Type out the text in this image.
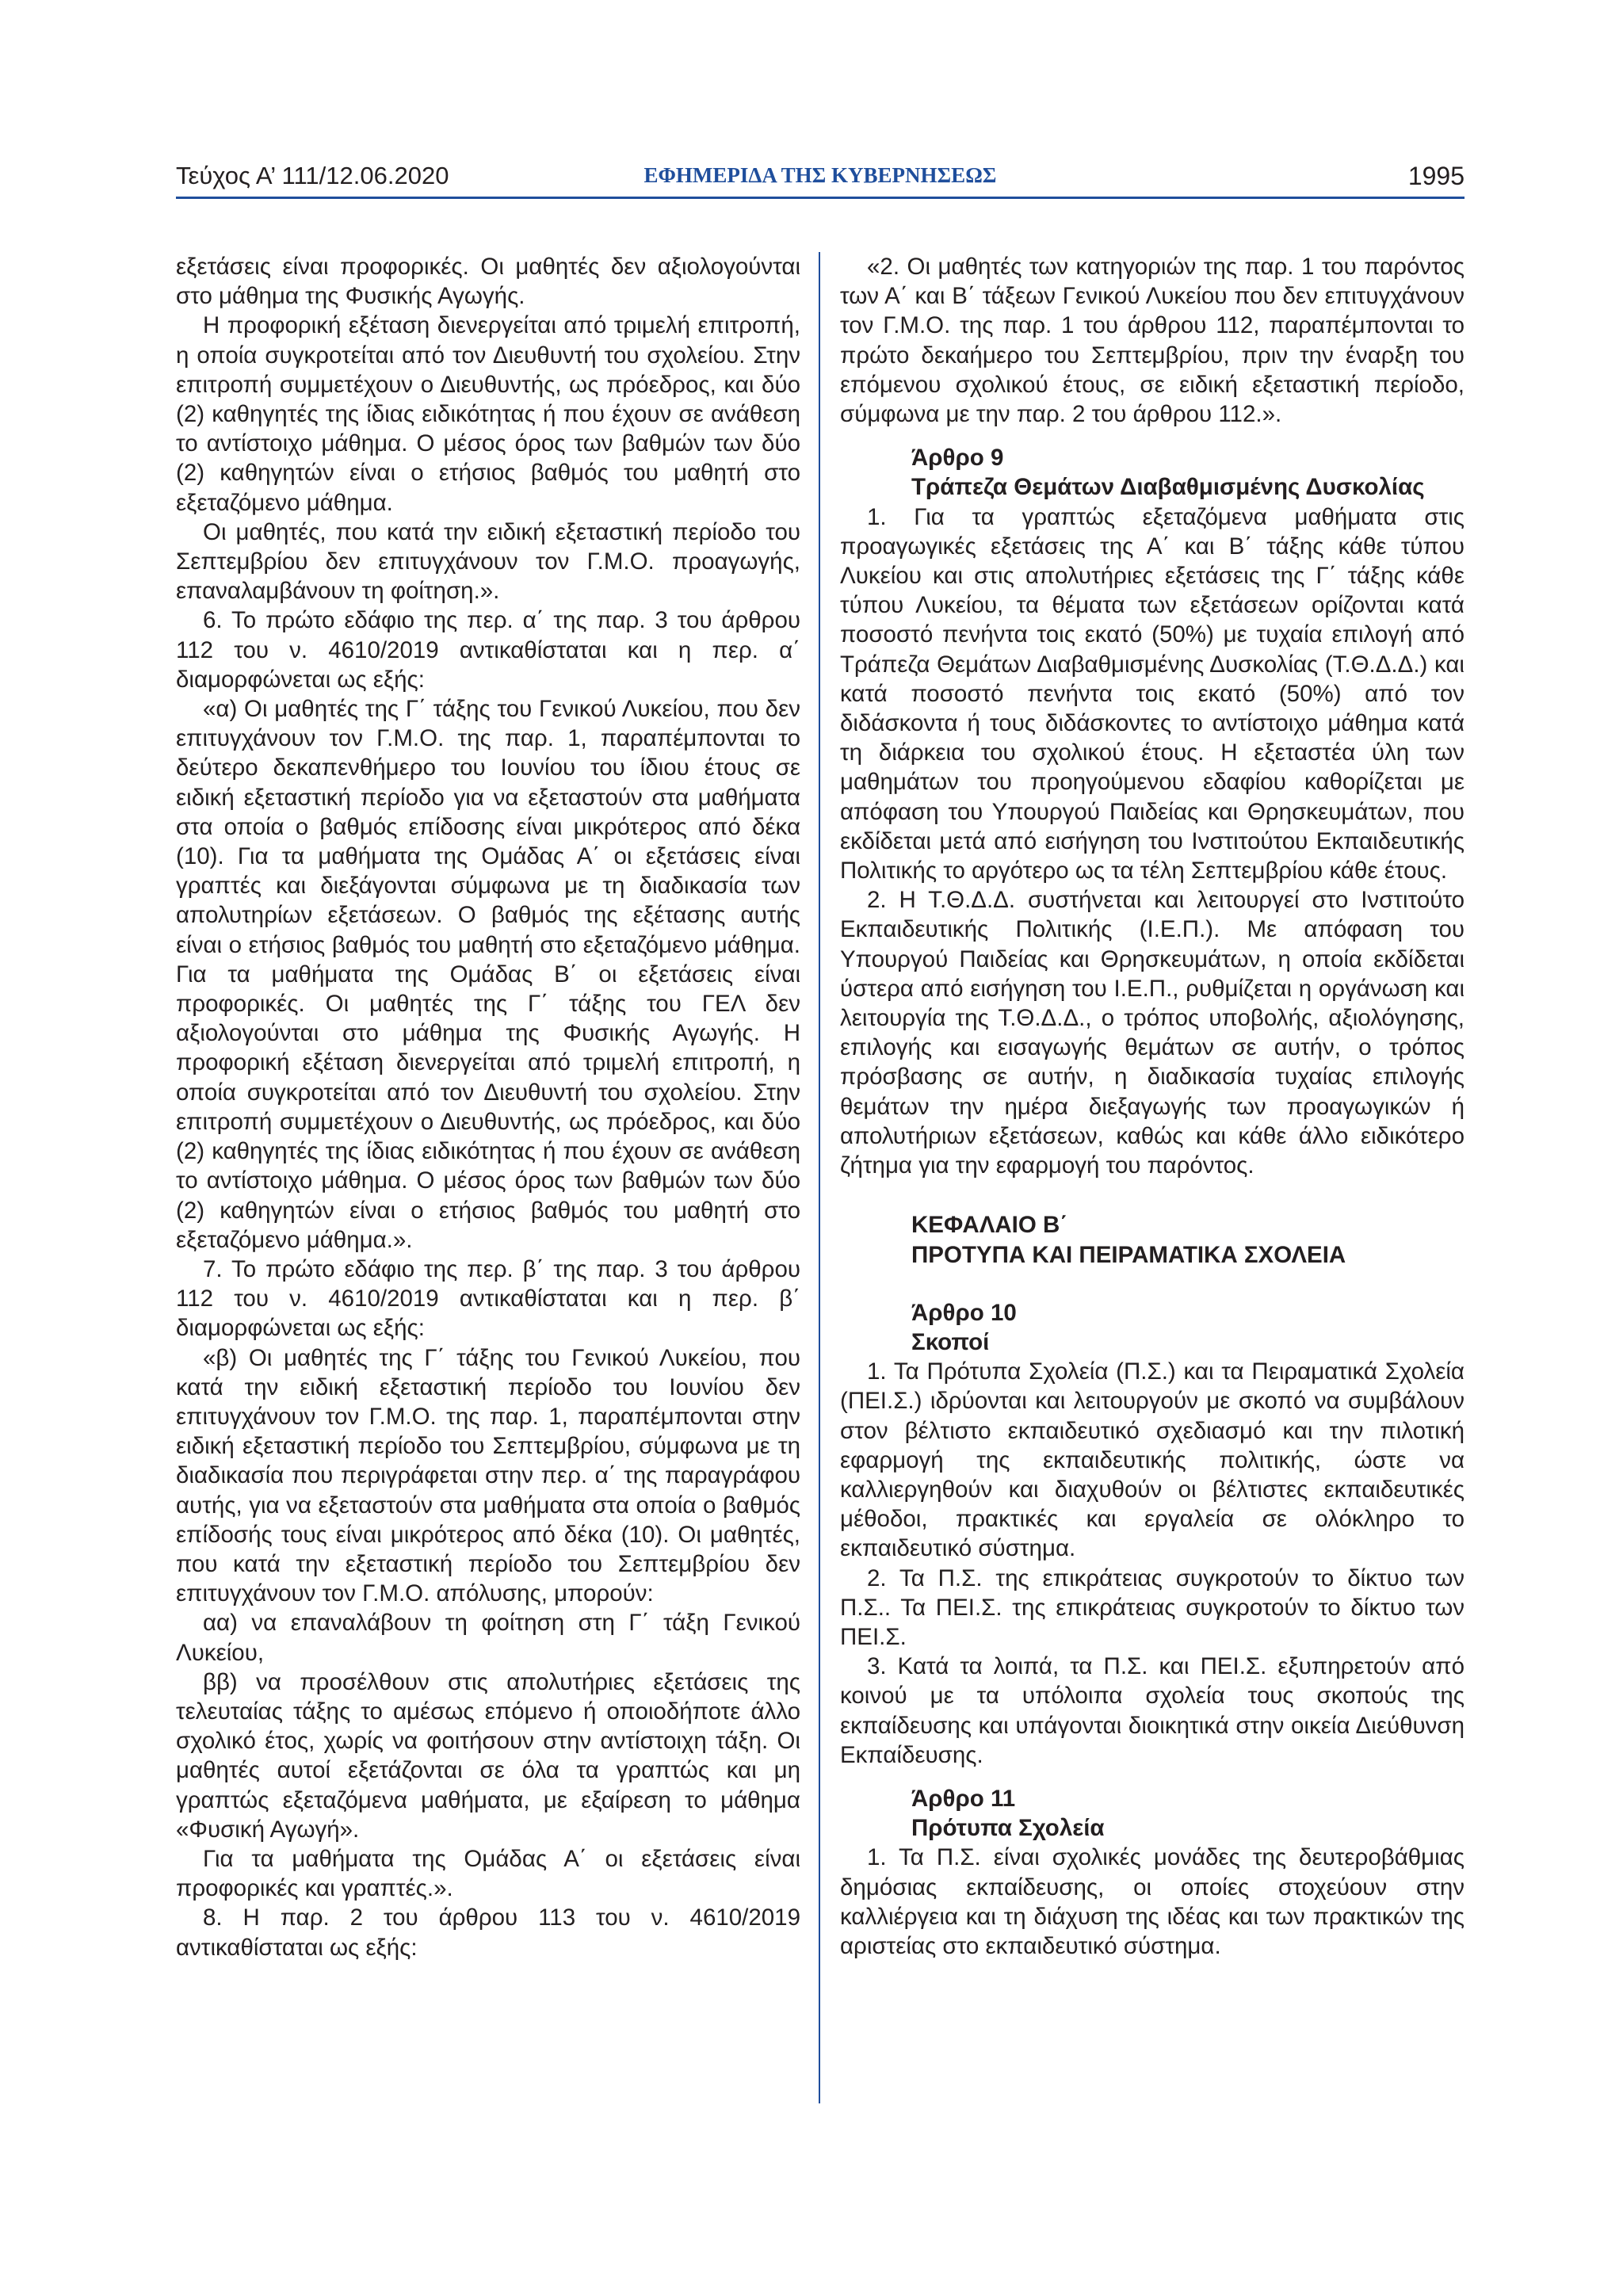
Τεύχος Α’ 111/12.06.2020	ΕΦΗΜΕΡΙΔΑ ΤΗΣ ΚΥΒΕΡΝΗΣΕΩΣ	1995

εξετάσεις είναι προφορικές. Οι μαθητές δεν αξιολογούνται στο μάθημα της Φυσικής Αγωγής.

Η προφορική εξέταση διενεργείται από τριμελή επιτροπή, η οποία συγκροτείται από τον Διευθυντή του σχολείου. Στην επιτροπή συμμετέχουν ο Διευθυντής, ως πρόεδρος, και δύο (2) καθηγητές της ίδιας ειδικότητας ή που έχουν σε ανάθεση το αντίστοιχο μάθημα. Ο μέσος όρος των βαθμών των δύο (2) καθηγητών είναι ο ετήσιος βαθμός του μαθητή στο εξεταζόμενο μάθημα.

Οι μαθητές, που κατά την ειδική εξεταστική περίοδο του Σεπτεμβρίου δεν επιτυγχάνουν τον Γ.Μ.Ο. προαγωγής, επαναλαμβάνουν τη φοίτηση.».

6. Το πρώτο εδάφιο της περ. α΄ της παρ. 3 του άρθρου 112 του ν. 4610/2019 αντικαθίσταται και η περ. α΄ διαμορφώνεται ως εξής:

«α) Οι μαθητές της Γ΄ τάξης του Γενικού Λυκείου, που δεν επιτυγχάνουν τον Γ.Μ.Ο. της παρ. 1, παραπέμπονται το δεύτερο δεκαπενθήμερο του Ιουνίου του ίδιου έτους σε ειδική εξεταστική περίοδο για να εξεταστούν στα μαθήματα στα οποία ο βαθμός επίδοσης είναι μικρότερος από δέκα (10). Για τα μαθήματα της Ομάδας Α΄ οι εξετάσεις είναι γραπτές και διεξάγονται σύμφωνα με τη διαδικασία των απολυτηρίων εξετάσεων. Ο βαθμός της εξέτασης αυτής είναι ο ετήσιος βαθμός του μαθητή στο εξεταζόμενο μάθημα. Για τα μαθήματα της Ομάδας Β΄ οι εξετάσεις είναι προφορικές. Οι μαθητές της Γ΄ τάξης του ΓΕΛ δεν αξιολογούνται στο μάθημα της Φυσικής Αγωγής. Η προφορική εξέταση διενεργείται από τριμελή επιτροπή, η οποία συγκροτείται από τον Διευθυντή του σχολείου. Στην επιτροπή συμμετέχουν ο Διευθυντής, ως πρόεδρος, και δύο (2) καθηγητές της ίδιας ειδικότητας ή που έχουν σε ανάθεση το αντίστοιχο μάθημα. Ο μέσος όρος των βαθμών των δύο (2) καθηγητών είναι ο ετήσιος βαθμός του μαθητή στο εξεταζόμενο μάθημα.».

7. Το πρώτο εδάφιο της περ. β΄ της παρ. 3 του άρθρου 112 του ν. 4610/2019 αντικαθίσταται και η περ. β΄ διαμορφώνεται ως εξής:

«β) Οι μαθητές της Γ΄ τάξης του Γενικού Λυκείου, που κατά την ειδική εξεταστική περίοδο του Ιουνίου δεν επιτυγχάνουν τον Γ.Μ.Ο. της παρ. 1, παραπέμπονται στην ειδική εξεταστική περίοδο του Σεπτεμβρίου, σύμφωνα με τη διαδικασία που περιγράφεται στην περ. α΄ της παραγράφου αυτής, για να εξεταστούν στα μαθήματα στα οποία ο βαθμός επίδοσής τους είναι μικρότερος από δέκα (10). Οι μαθητές, που κατά την εξεταστική περίοδο του Σεπτεμβρίου δεν επιτυγχάνουν τον Γ.Μ.Ο. απόλυσης, μπορούν:

αα) να επαναλάβουν τη φοίτηση στη Γ΄ τάξη Γενικού Λυκείου,

ββ) να προσέλθουν στις απολυτήριες εξετάσεις της τελευταίας τάξης το αμέσως επόμενο ή οποιοδήποτε άλλο σχολικό έτος, χωρίς να φοιτήσουν στην αντίστοιχη τάξη. Οι μαθητές αυτοί εξετάζονται σε όλα τα γραπτώς και μη γραπτώς εξεταζόμενα μαθήματα, με εξαίρεση το μάθημα «Φυσική Αγωγή».

Για τα μαθήματα της Ομάδας Α΄ οι εξετάσεις είναι προφορικές και γραπτές.».

8. Η παρ. 2 του άρθρου 113 του ν. 4610/2019 αντικαθίσταται ως εξής:

«2. Οι μαθητές των κατηγοριών της παρ. 1 του παρόντος των Α΄ και Β΄ τάξεων Γενικού Λυκείου που δεν επιτυγχάνουν τον Γ.Μ.Ο. της παρ. 1 του άρθρου 112, παραπέμπονται το πρώτο δεκαήμερο του Σεπτεμβρίου, πριν την έναρξη του επόμενου σχολικού έτους, σε ειδική εξεταστική περίοδο, σύμφωνα με την παρ. 2 του άρθρου 112.».

Άρθρο 9
Τράπεζα Θεμάτων Διαβαθμισμένης Δυσκολίας

1. Για τα γραπτώς εξεταζόμενα μαθήματα στις προαγωγικές εξετάσεις της Α΄ και Β΄ τάξης κάθε τύπου Λυκείου και στις απολυτήριες εξετάσεις της Γ΄ τάξης κάθε τύπου Λυκείου, τα θέματα των εξετάσεων ορίζονται κατά ποσοστό πενήντα τοις εκατό (50%) με τυχαία επιλογή από Τράπεζα Θεμάτων Διαβαθμισμένης Δυσκολίας (Τ.Θ.Δ.Δ.) και κατά ποσοστό πενήντα τοις εκατό (50%) από τον διδάσκοντα ή τους διδάσκοντες το αντίστοιχο μάθημα κατά τη διάρκεια του σχολικού έτους. Η εξεταστέα ύλη των μαθημάτων του προηγούμενου εδαφίου καθορίζεται με απόφαση του Υπουργού Παιδείας και Θρησκευμάτων, που εκδίδεται μετά από εισήγηση του Ινστιτούτου Εκπαιδευτικής Πολιτικής το αργότερο ως τα τέλη Σεπτεμβρίου κάθε έτους.

2. Η Τ.Θ.Δ.Δ. συστήνεται και λειτουργεί στο Ινστιτούτο Εκπαιδευτικής Πολιτικής (Ι.Ε.Π.). Με απόφαση του Υπουργού Παιδείας και Θρησκευμάτων, η οποία εκδίδεται ύστερα από εισήγηση του Ι.Ε.Π., ρυθμίζεται η οργάνωση και λειτουργία της Τ.Θ.Δ.Δ., ο τρόπος υποβολής, αξιολόγησης, επιλογής και εισαγωγής θεμάτων σε αυτήν, ο τρόπος πρόσβασης σε αυτήν, η διαδικασία τυχαίας επιλογής θεμάτων την ημέρα διεξαγωγής των προαγωγικών ή απολυτήριων εξετάσεων, καθώς και κάθε άλλο ειδικότερο ζήτημα για την εφαρμογή του παρόντος.

ΚΕΦΑΛΑΙΟ Β΄
ΠΡΟΤΥΠΑ ΚΑΙ ΠΕΙΡΑΜΑΤΙΚΑ ΣΧΟΛΕΙΑ
Άρθρο 10
Σκοποί

1. Τα Πρότυπα Σχολεία (Π.Σ.) και τα Πειραματικά Σχολεία (ΠΕΙ.Σ.) ιδρύονται και λειτουργούν με σκοπό να συμβάλουν στον βέλτιστο εκπαιδευτικό σχεδιασμό και την πιλοτική εφαρμογή της εκπαιδευτικής πολιτικής, ώστε να καλλιεργηθούν και διαχυθούν οι βέλτιστες εκπαιδευτικές μέθοδοι, πρακτικές και εργαλεία σε ολόκληρο το εκπαιδευτικό σύστημα.

2. Τα Π.Σ. της επικράτειας συγκροτούν το δίκτυο των Π.Σ.. Τα ΠΕΙ.Σ. της επικράτειας συγκροτούν το δίκτυο των ΠΕΙ.Σ.

3. Κατά τα λοιπά, τα Π.Σ. και ΠΕΙ.Σ. εξυπηρετούν από κοινού με τα υπόλοιπα σχολεία τους σκοπούς της εκπαίδευσης και υπάγονται διοικητικά στην οικεία Διεύθυνση Εκπαίδευσης.

Άρθρο 11
Πρότυπα Σχολεία

1. Τα Π.Σ. είναι σχολικές μονάδες της δευτεροβάθμιας δημόσιας εκπαίδευσης, οι οποίες στοχεύουν στην καλλιέργεια και τη διάχυση της ιδέας και των πρακτικών της αριστείας στο εκπαιδευτικό σύστημα.
